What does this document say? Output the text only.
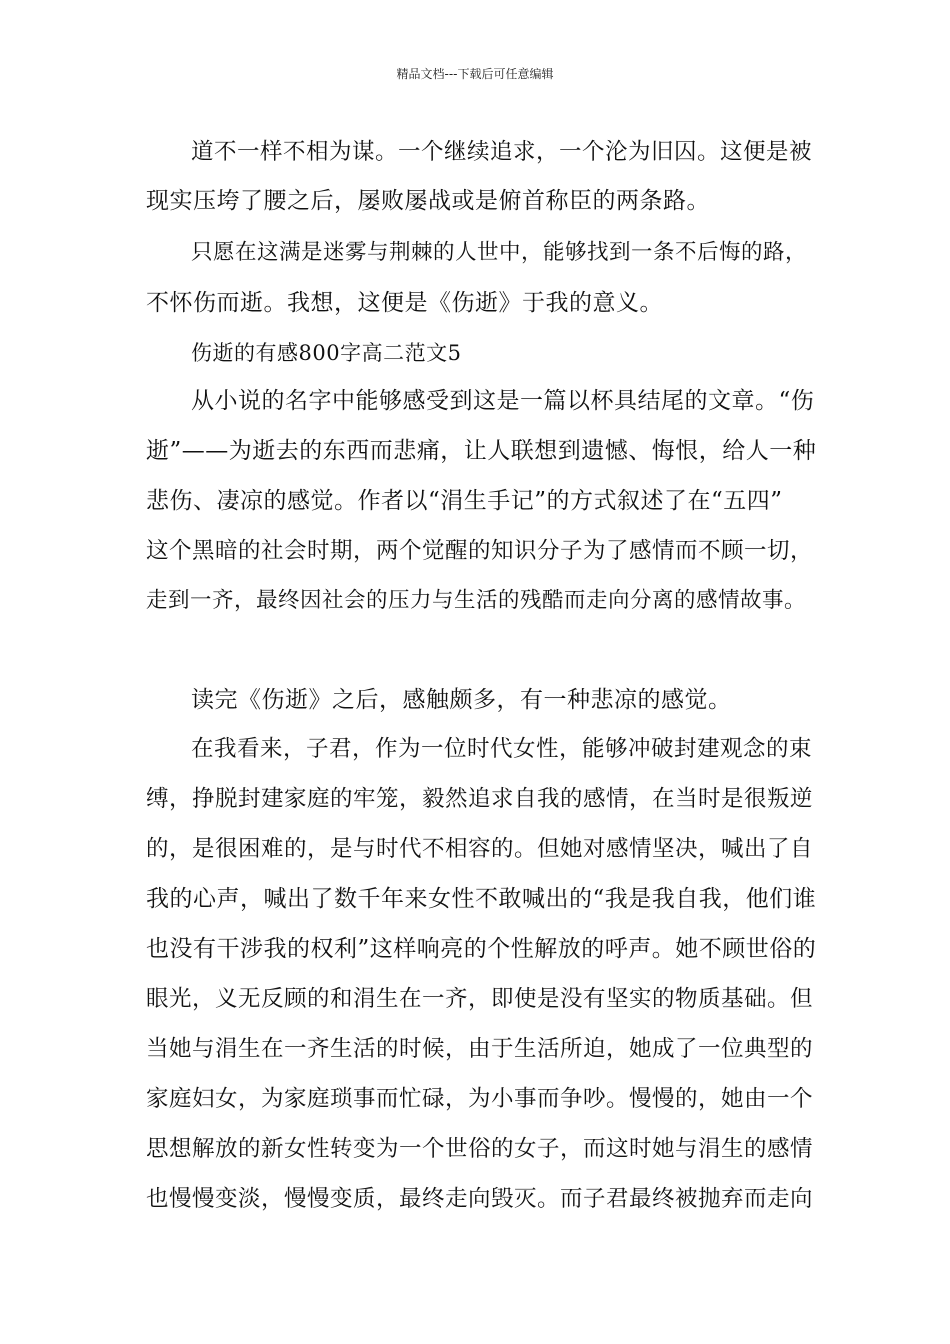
精品文档---下载后可任意编辑
道不一样不相为谋。一个继续追求，一个沦为旧囚。这便是被
现实压垮了腰之后，屡败屡战或是俯首称臣的两条路。
只愿在这满是迷雾与荆棘的人世中，能够找到一条不后悔的路，
不怀伤而逝。我想，这便是《伤逝》于我的意义。
伤逝的有感800字高二范文5
从小说的名字中能够感受到这是一篇以杯具结尾的文章。“伤
逝”——为逝去的东西而悲痛，让人联想到遗憾、悔恨，给人一种
悲伤、凄凉的感觉。作者以“涓生手记”的方式叙述了在“五四”
这个黑暗的社会时期，两个觉醒的知识分子为了感情而不顾一切，
走到一齐，最终因社会的压力与生活的残酷而走向分离的感情故事。
读完《伤逝》之后，感触颇多，有一种悲凉的感觉。
在我看来，子君，作为一位时代女性，能够冲破封建观念的束
缚，挣脱封建家庭的牢笼，毅然追求自我的感情，在当时是很叛逆
的，是很困难的，是与时代不相容的。但她对感情坚决，喊出了自
我的心声，喊出了数千年来女性不敢喊出的“我是我自我，他们谁
也没有干涉我的权利”这样响亮的个性解放的呼声。她不顾世俗的
眼光，义无反顾的和涓生在一齐，即使是没有坚实的物质基础。但
当她与涓生在一齐生活的时候，由于生活所迫，她成了一位典型的
家庭妇女，为家庭琐事而忙碌，为小事而争吵。慢慢的，她由一个
思想解放的新女性转变为一个世俗的女子，而这时她与涓生的感情
也慢慢变淡，慢慢变质，最终走向毁灭。而子君最终被抛弃而走向
